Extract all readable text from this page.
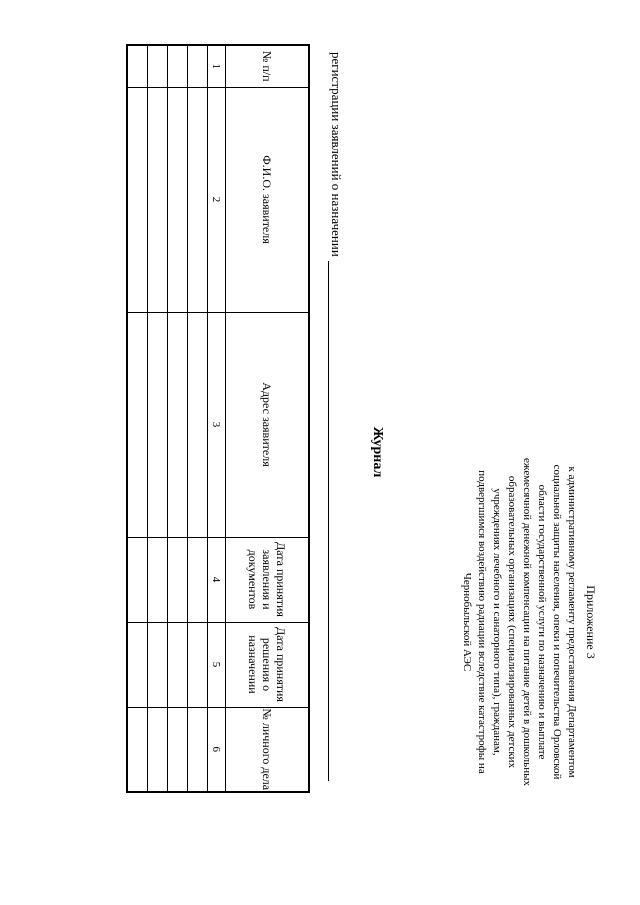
Приложение 3
к административному регламенту предоставления Департаментом
социальной защиты населения, опеки и попечительства Орловской
области государственной услуги по назначению и выплате
ежемесячной денежной компенсации на питание детей в дошкольных
образовательных организациях (специализированных детских
учреждениях лечебного и санаторного типа), гражданам,
подвергшимся воздействию радиации вследствие катастрофы на
Чернобыльской АЭС
Журнал
регистрации заявлений о назначении
№ п/п	Ф.И.О. заявителя	Адрес заявителя	Дата принятия заявления и документов	Дата принятия решения о назначении	№ личного дела
1	2	3	4	5	6
